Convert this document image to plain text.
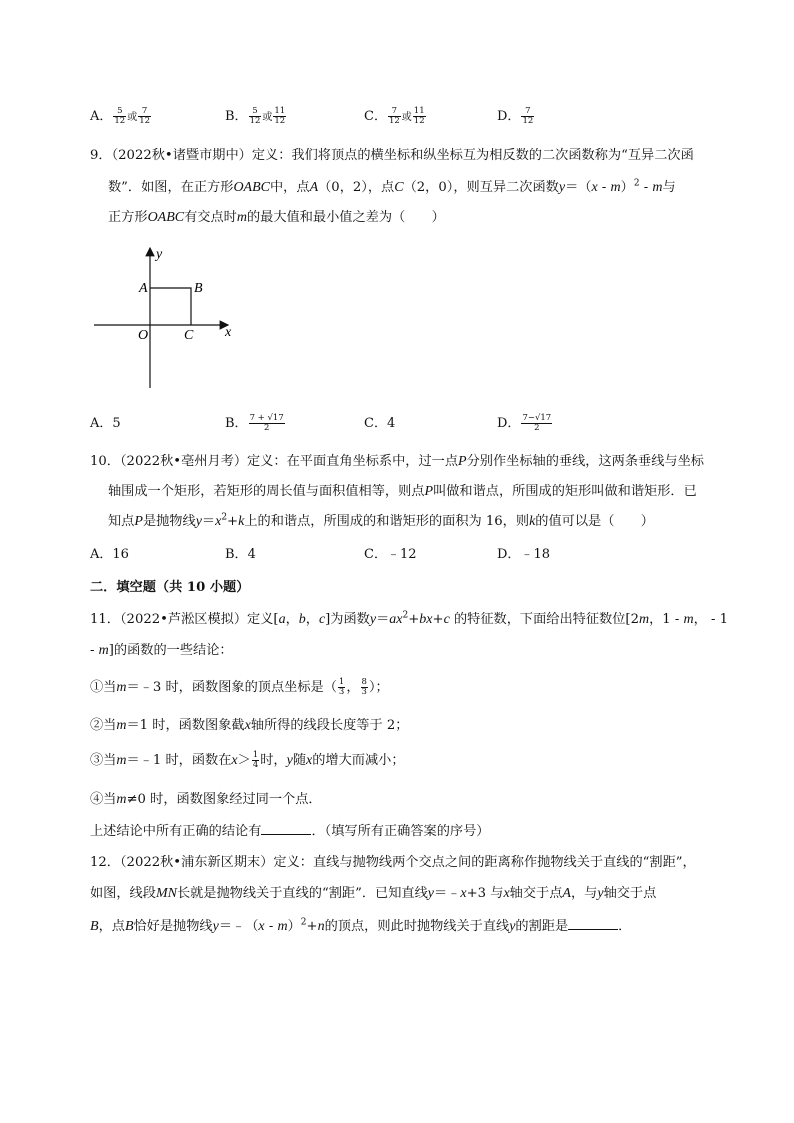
A． $\frac{5}{12}$ 或 $\frac{7}{12}$	B． $\frac{5}{12}$ 或 $\frac{11}{12}$	C． $\frac{7}{12}$ 或 $\frac{11}{12}$	D． $\frac{7}{12}$
9．（2022秋•诸暨市期中）定义：我们将顶点的横坐标和纵坐标互为相反数的二次函数称为“互异二次函
数”．如图，在正方形OABC中，点A（0，2），点C（2，0），则互异二次函数y＝（x - m）$^2$ - m与
正方形OABC有交点时m的最大值和最小值之差为（　　）
y
x
A	B
O	C
A．5	B． $\frac{7 + √17}{2}$	C．4	D． $\frac{7-√17}{2}$
10．（2022秋•亳州月考）定义：在平面直角坐标系中，过一点P分别作坐标轴的垂线，这两条垂线与坐标
轴围成一个矩形，若矩形的周长值与面积值相等，则点P叫做和谐点，所围成的矩形叫做和谐矩形．已
知点P是抛物线$y=x^2+k$上的和谐点，所围成的和谐矩形的面积为 16，则k的值可以是（　　）
A．16	B．4	C．﹣12	D．﹣18
二．填空题（共 10 小题）
11．（2022•芦淞区模拟）定义[a，b，c]为函数$y=ax^2+bx+c$ 的特征数，下面给出特征数位[2m，1 - m， - 1
- m]的函数的一些结论：
①当m＝﹣3 时，函数图象的顶点坐标是（ $\frac{1}{3}$ ， $\frac{8}{3}$ ）；
②当m＝1 时，函数图象截x轴所得的线段长度等于 2；
③当m＝﹣1 时，函数在$x> \frac{1}{4}$ 时，y随x的增大而减小；
④当m≠0 时，函数图象经过同一个点．
上述结论中所有正确的结论有	．（填写所有正确答案的序号）
12．（2022秋•浦东新区期末）定义：直线与抛物线两个交点之间的距离称作抛物线关于直线的“割距”，
如图，线段MN长就是抛物线关于直线的“割距”．已知直线y＝﹣x+3 与x轴交于点A，与y轴交于点
B，点B恰好是抛物线y＝﹣（x - m）$^2$+n的顶点，则此时抛物线关于直线y的割距是	．
